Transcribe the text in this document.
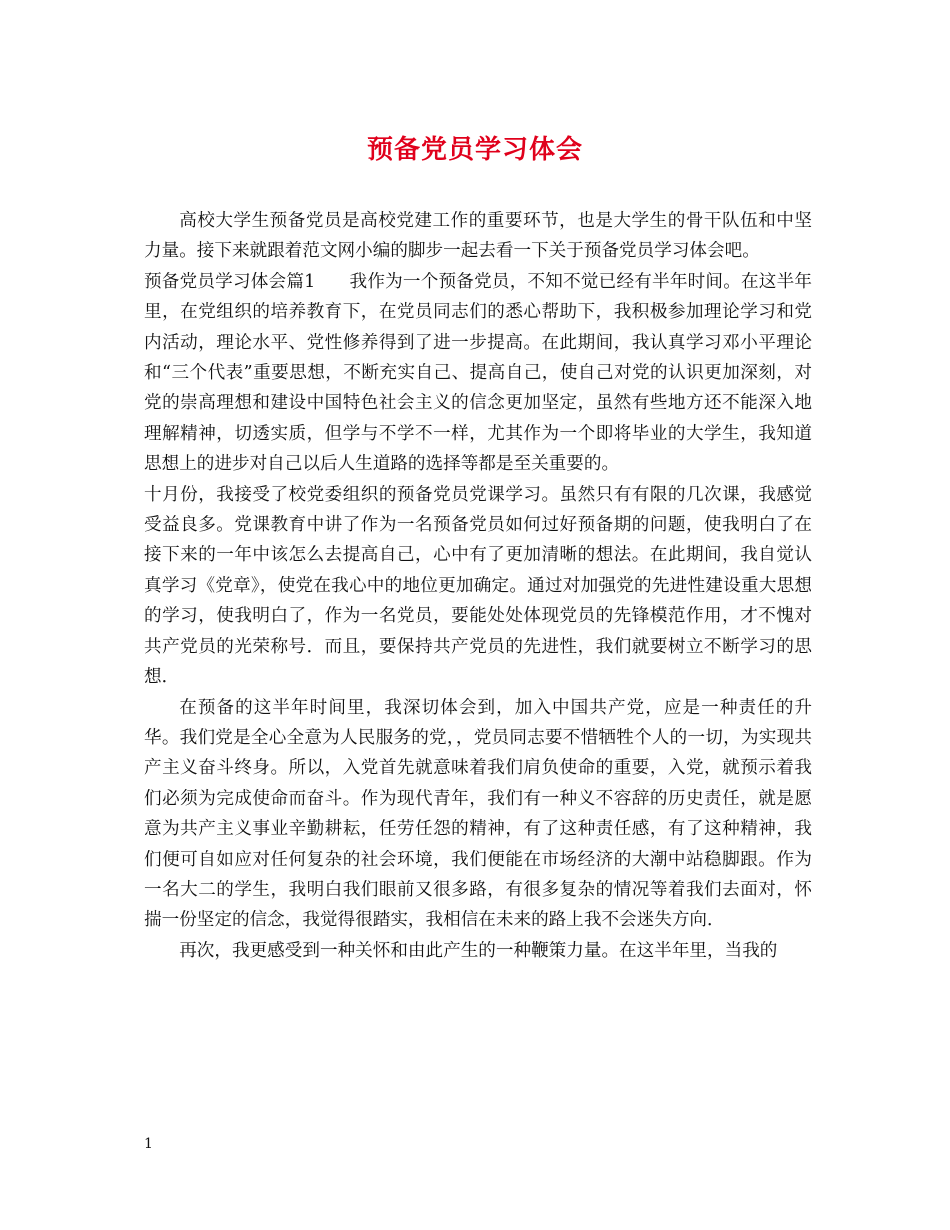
预备党员学习体会

高校大学生预备党员是高校党建工作的重要环节，也是大学生的骨干队伍和中坚力量。接下来就跟着范文网小编的脚步一起去看一下关于预备党员学习体会吧。

预备党员学习体会篇1 我作为一个预备党员，不知不觉已经有半年时间。在这半年里，在党组织的培养教育下，在党员同志们的悉心帮助下，我积极参加理论学习和党内活动，理论水平、党性修养得到了进一步提高。在此期间，我认真学习邓小平理论和“三个代表”重要思想，不断充实自己、提高自己，使自己对党的认识更加深刻，对党的崇高理想和建设中国特色社会主义的信念更加坚定，虽然有些地方还不能深入地理解精神，切透实质，但学与不学不一样，尤其作为一个即将毕业的大学生，我知道思想上的进步对自己以后人生道路的选择等都是至关重要的。

十月份，我接受了校党委组织的预备党员党课学习。虽然只有有限的几次课，我感觉受益良多。党课教育中讲了作为一名预备党员如何过好预备期的问题，使我明白了在接下来的一年中该怎么去提高自己，心中有了更加清晰的想法。在此期间，我自觉认真学习《党章》，使党在我心中的地位更加确定。通过对加强党的先进性建设重大思想的学习，使我明白了，作为一名党员，要能处处体现党员的先锋模范作用，才不愧对共产党员的光荣称号．而且，要保持共产党员的先进性，我们就要树立不断学习的思想．

在预备的这半年时间里，我深切体会到，加入中国共产党，应是一种责任的升华。我们党是全心全意为人民服务的党，，党员同志要不惜牺牲个人的一切，为实现共产主义奋斗终身。所以，入党首先就意味着我们肩负使命的重要，入党，就预示着我们必须为完成使命而奋斗。作为现代青年，我们有一种义不容辞的历史责任，就是愿意为共产主义事业辛勤耕耘，任劳任怨的精神，有了这种责任感，有了这种精神，我们便可自如应对任何复杂的社会环境，我们便能在市场经济的大潮中站稳脚跟。作为一名大二的学生，我明白我们眼前又很多路，有很多复杂的情况等着我们去面对，怀揣一份坚定的信念，我觉得很踏实，我相信在未来的路上我不会迷失方向．

再次，我更感受到一种关怀和由此产生的一种鞭策力量。在这半年里，当我的

1
